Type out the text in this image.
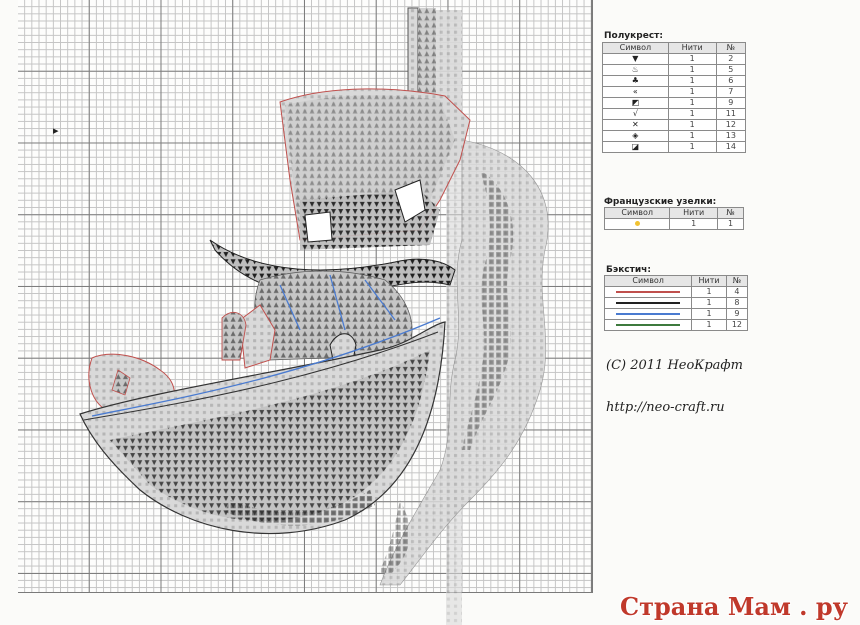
▸
Полукрест:
Символ	Нити	№
▼	1	2
♨	1	5
♣	1	6
«	1	7
◩	1	9
√	1	11
✕	1	12
◈	1	13
◪	1	14
Французские узелки:
Символ	Нити	№
	1	1
Бэкстич:
Символ	Нити	№
	1	4
	1	8
	1	9
	1	12
(C) 2011 НеоКрафт
http://neo-craft.ru
Страна Мам . ру
